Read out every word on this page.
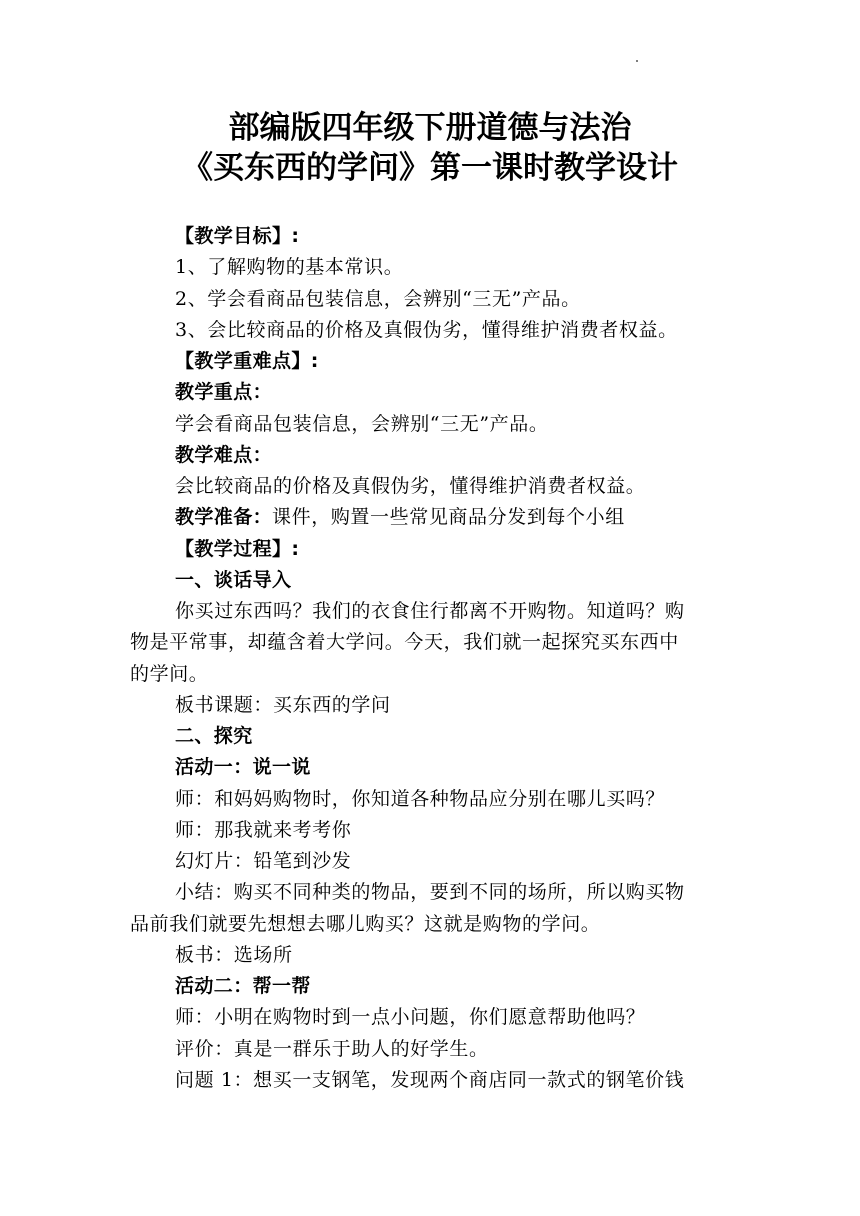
部编版四年级下册道德与法治
《买东西的学问》第一课时教学设计
【教学目标】:
1、了解购物的基本常识。
2、学会看商品包装信息，会辨别“三无”产品。
3、会比较商品的价格及真假伪劣，懂得维护消费者权益。
【教学重难点】:
教学重点：
学会看商品包装信息，会辨别“三无”产品。
教学难点：
会比较商品的价格及真假伪劣，懂得维护消费者权益。
教学准备：课件，购置一些常见商品分发到每个小组
【教学过程】:
一、谈话导入
你买过东西吗？我们的衣食住行都离不开购物。知道吗？购
物是平常事，却蕴含着大学问。今天，我们就一起探究买东西中
的学问。
板书课题：买东西的学问
二、探究
活动一：说一说
师：和妈妈购物时，你知道各种物品应分别在哪儿买吗？
师：那我就来考考你
幻灯片：铅笔到沙发
小结：购买不同种类的物品，要到不同的场所，所以购买物
品前我们就要先想想去哪儿购买？这就是购物的学问。
板书：选场所
活动二：帮一帮
师：小明在购物时到一点小问题，你们愿意帮助他吗？
评价：真是一群乐于助人的好学生。
问题 1：想买一支钢笔，发现两个商店同一款式的钢笔价钱
